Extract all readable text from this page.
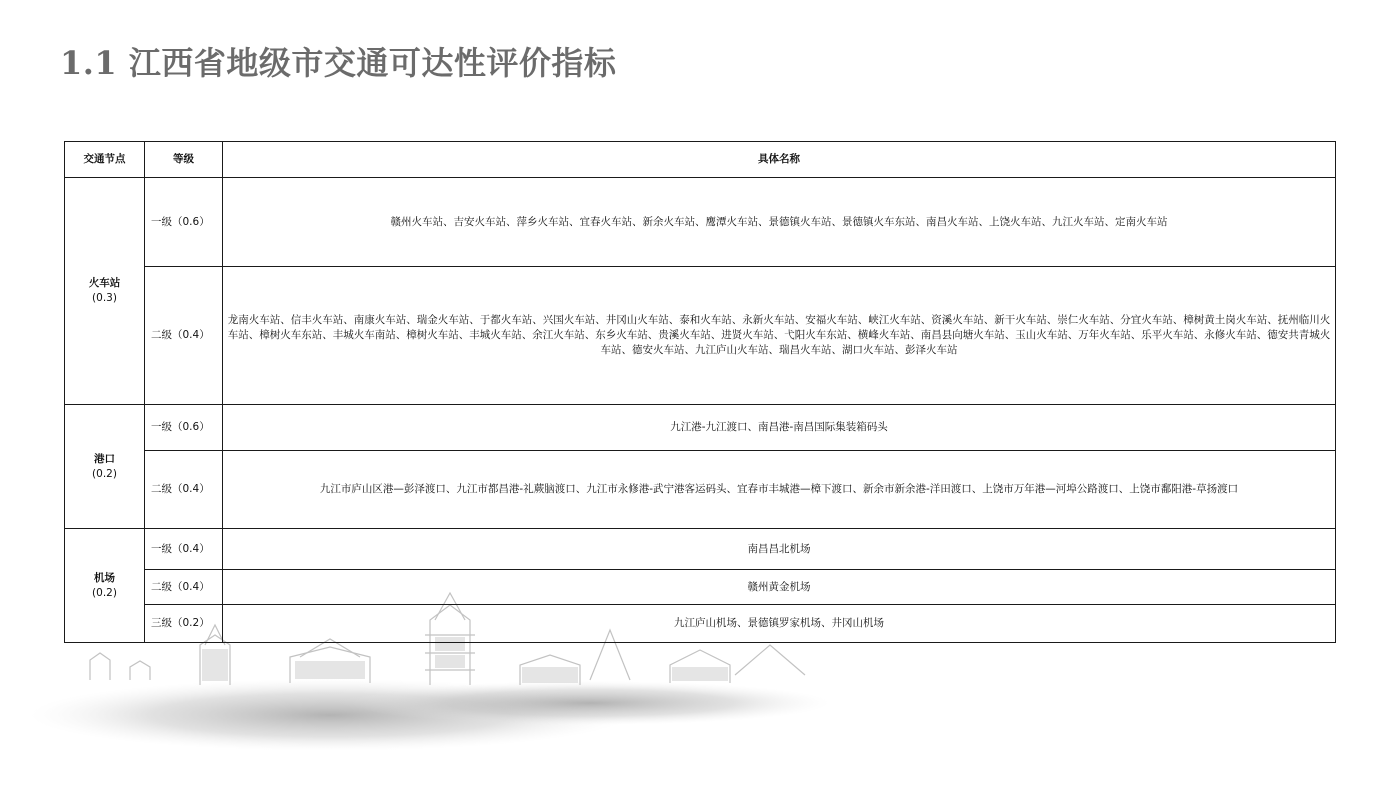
1.1 江西省地级市交通可达性评价指标
交通节点	等级	具体名称

火车站
(0.3)	一级（0.6）	赣州火车站、吉安火车站、萍乡火车站、宜春火车站、新余火车站、鹰潭火车站、景德镇火车站、景德镇火车东站、南昌火车站、上饶火车站、九江火车站、定南火车站
	二级（0.4）	龙南火车站、信丰火车站、南康火车站、瑞金火车站、于都火车站、兴国火车站、井冈山火车站、泰和火车站、永新火车站、安福火车站、峡江火车站、资溪火车站、新干火车站、崇仁火车站、分宜火车站、樟树黄土岗火车站、抚州临川火车站、樟树火车东站、丰城火车南站、樟树火车站、丰城火车站、余江火车站、东乡火车站、贵溪火车站、进贤火车站、弋阳火车东站、横峰火车站、南昌县向塘火车站、玉山火车站、万年火车站、乐平火车站、永修火车站、德安共青城火车站、德安火车站、九江庐山火车站、瑞昌火车站、湖口火车站、彭泽火车站

港口
(0.2)	一级（0.6）	九江港-九江渡口、南昌港-南昌国际集装箱码头
	二级（0.4）	九江市庐山区港—彭泽渡口、九江市都昌港-礼蕨脑渡口、九江市永修港-武宁港客运码头、宜春市丰城港—樟下渡口、新余市新余港-洋田渡口、上饶市万年港—河埠公路渡口、上饶市鄱阳港-草扬渡口

机场
(0.2)	一级（0.4）	南昌昌北机场
	二级（0.4）	赣州黄金机场
	三级（0.2）	九江庐山机场、景德镇罗家机场、井冈山机场
